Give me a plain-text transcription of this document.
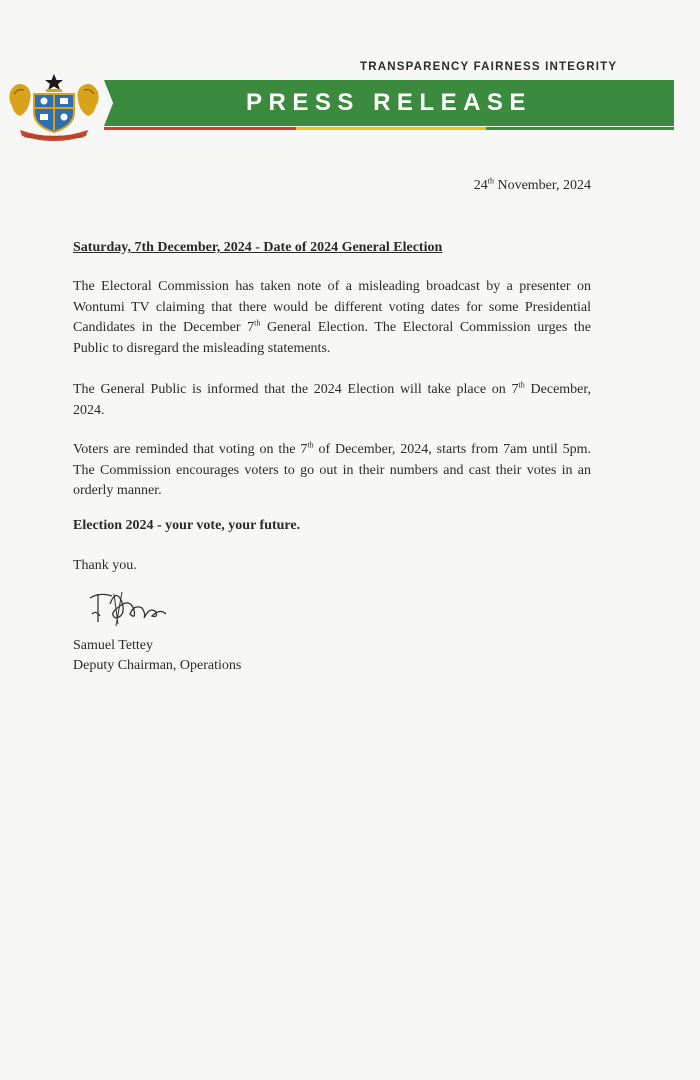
TRANSPARENCY FAIRNESS INTEGRITY
ELECTORAL COMMISSION GHANA
PRESS RELEASE
24th November, 2024
Saturday, 7th December, 2024 - Date of 2024 General Election

The Electoral Commission has taken note of a misleading broadcast by a presenter on Wontumi TV claiming that there would be different voting dates for some Presidential Candidates in the December 7th General Election. The Electoral Commission urges the Public to disregard the misleading statements.

The General Public is informed that the 2024 Election will take place on 7th December, 2024.

Voters are reminded that voting on the 7th of December, 2024, starts from 7am until 5pm. The Commission encourages voters to go out in their numbers and cast their votes in an orderly manner.

Election 2024 - your vote, your future.
Thank you.
Samuel Tettey
Deputy Chairman, Operations
